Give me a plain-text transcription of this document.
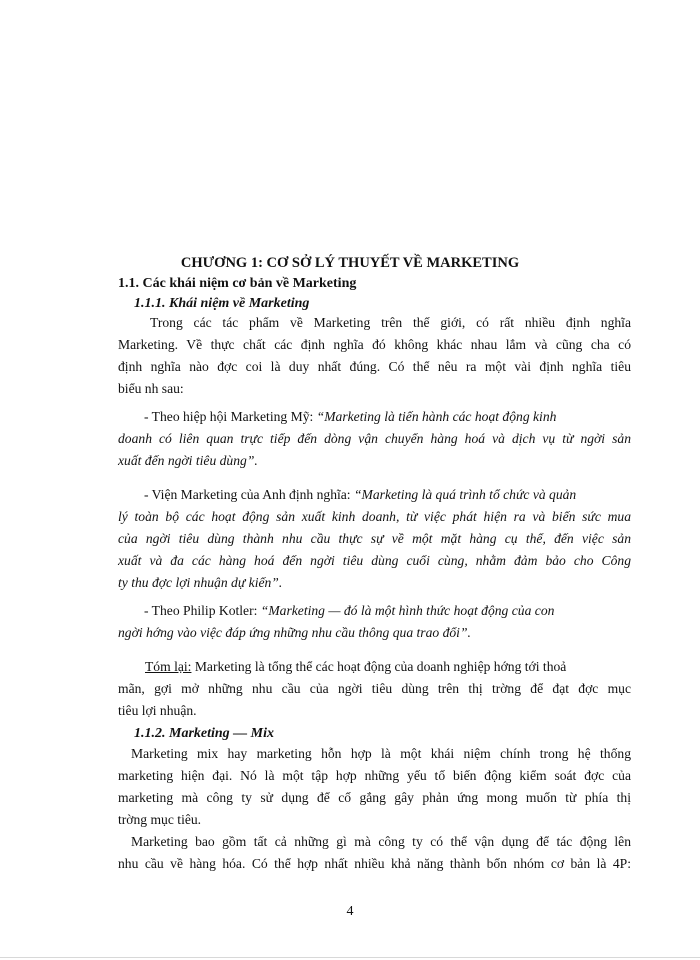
CHƯƠNG 1: CƠ SỞ LÝ THUYẾT VỀ MARKETING
1.1. Các khái niệm cơ bản về Marketing
1.1.1. Khái niệm về Marketing
Trong các tác phẩm về Marketing trên thế giới, có rất nhiều định nghĩa
Marketing. Về thực chất các định nghĩa đó không khác nhau lắm và cũng cha có
định nghĩa nào đợc coi là duy nhất đúng. Có thể nêu ra một vài định nghĩa tiêu
biểu nh sau:
- Theo hiệp hội Marketing Mỹ: “Marketing là tiến hành các hoạt động kinh
doanh có liên quan trực tiếp đến dòng vận chuyển hàng hoá và dịch vụ từ ngời sản
xuất đến ngời tiêu dùng”.
- Viện Marketing của Anh định nghĩa: “Marketing là quá trình tổ chức và quản
lý toàn bộ các hoạt động sản xuất kinh doanh, từ việc phát hiện ra và biến sức mua
của ngời tiêu dùng thành nhu cầu thực sự về một mặt hàng cụ thể, đến việc sản
xuất và đa các hàng hoá đến ngời tiêu dùng cuối cùng, nhằm đảm bảo cho Công
ty thu đợc lợi nhuận dự kiến”.
- Theo Philip Kotler: “Marketing — đó là một hình thức hoạt động của con
ngời hớng vào việc đáp ứng những nhu cầu thông qua trao đổi”.
Tóm lại: Marketing là tổng thể các hoạt động của doanh nghiệp hớng tới thoả
mãn, gợi mở những nhu cầu của ngời tiêu dùng trên thị trờng để đạt đợc mục
tiêu lợi nhuận.
1.1.2. Marketing — Mix
Marketing mix hay marketing hỗn hợp là một khái niệm chính trong hệ thống
marketing hiện đại. Nó là một tập hợp những yếu tố biến động kiểm soát đợc của
marketing mà công ty sử dụng để cố gắng gây phản ứng mong muốn từ phía thị
trờng mục tiêu.
Marketing bao gồm tất cả những gì mà công ty có thể vận dụng để tác động lên
nhu cầu về hàng hóa. Có thể hợp nhất nhiều khả năng thành bốn nhóm cơ bản là 4P:
4
